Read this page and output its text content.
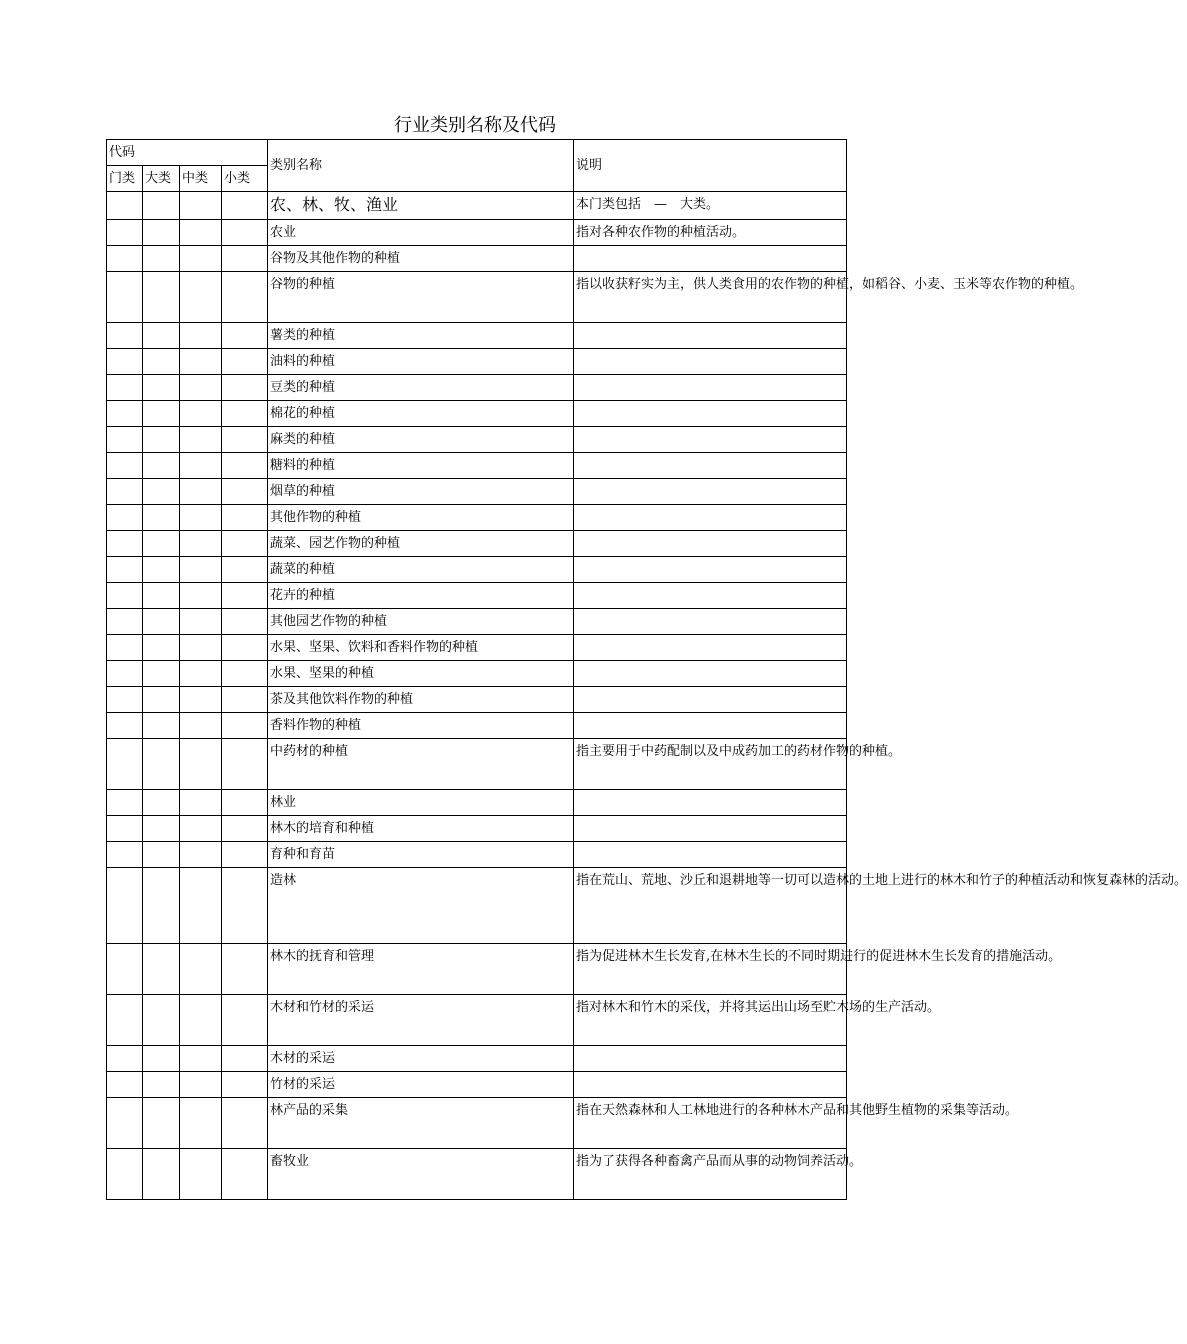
行业类别名称及代码
代码				类别名称	说明
门类	大类	中类	小类		
				农、林、牧、渔业	本门类包括　—　大类。
				农业	指对各种农作物的种植活动。
				谷物及其他作物的种植	
				谷物的种植	指以收获籽实为主，供人类食用的农作物的种植，如稻谷、小麦、玉米等农作物的种植。
				薯类的种植	
				油料的种植	
				豆类的种植	
				棉花的种植	
				麻类的种植	
				糖料的种植	
				烟草的种植	
				其他作物的种植	
				蔬菜、园艺作物的种植	
				蔬菜的种植	
				花卉的种植	
				其他园艺作物的种植	
				水果、坚果、饮料和香料作物的种植	
				水果、坚果的种植	
				茶及其他饮料作物的种植	
				香料作物的种植	
				中药材的种植	指主要用于中药配制以及中成药加工的药材作物的种植。
				林业	
				林木的培育和种植	
				育种和育苗	
				造林	指在荒山、荒地、沙丘和退耕地等一切可以造林的土地上进行的林木和竹子的种植活动和恢复森林的活动。
				林木的抚育和管理	指为促进林木生长发育,在林木生长的不同时期进行的促进林木生长发育的措施活动。
				木材和竹材的采运	指对林木和竹木的采伐，并将其运出山场至贮木场的生产活动。
				木材的采运	
				竹材的采运	
				林产品的采集	指在天然森林和人工林地进行的各种林木产品和其他野生植物的采集等活动。
				畜牧业	指为了获得各种畜禽产品而从事的动物饲养活动。
